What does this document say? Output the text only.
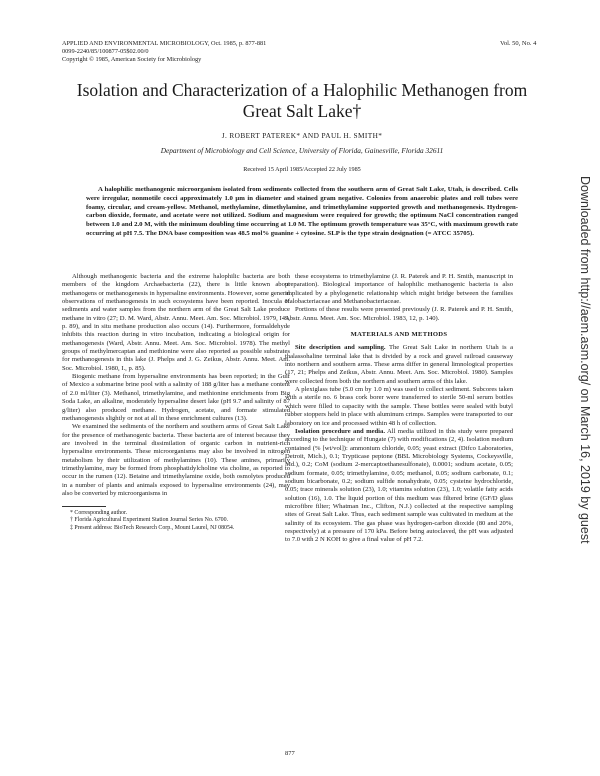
APPLIED AND ENVIRONMENTAL MICROBIOLOGY, Oct. 1985, p. 877-881
0099-2240/85/100877-05$02.00/0
Copyright © 1985, American Society for Microbiology
Vol. 50, No. 4
Isolation and Characterization of a Halophilic Methanogen from Great Salt Lake†
J. ROBERT PATEREK* AND PAUL H. SMITH*
Department of Microbiology and Cell Science, University of Florida, Gainesville, Florida 32611
Received 15 April 1985/Accepted 22 July 1985
A halophilic methanogenic microorganism isolated from sediments collected from the southern arm of Great Salt Lake, Utah, is described. Cells were irregular, nonmotile cocci approximately 1.0 μm in diameter and stained gram negative. Colonies from anaerobic plates and roll tubes were foamy, circular, and cream-yellow. Methanol, methylamine, dimethylamine, and trimethylamine supported growth and methanogenesis. Hydrogen-carbon dioxide, formate, and acetate were not utilized. Sodium and magnesium were required for growth; the optimum NaCl concentration ranged between 1.0 and 2.0 M, with the minimum doubling time occurring at 1.0 M. The optimum growth temperature was 35°C, with maximum growth rate occurring at pH 7.5. The DNA base composition was 48.5 mol% guanine + cytosine. SLP is the type strain designation (= ATCC 35705).

Although methanogenic bacteria and the extreme halophilic bacteria are both members of the kingdom Archaebacteria (22), there is little known about methanogens or methanogenesis in hypersaline environments. However, some general observations of methanogenesis in such ecosystems have been reported. Inocula of sediments and water samples from the northern arm of the Great Salt Lake produce methane in vitro (27; D. M. Ward, Abstr. Annu. Meet. Am. Soc. Microbiol. 1979, I49, p. 89), and in situ methane production also occurs (14). Furthermore, formaldehyde inhibits this reaction during in vitro incubation, indicating a biological origin for methanogenesis (Ward, Abstr. Annu. Meet. Am. Soc. Microbiol. 1978). The methyl groups of methylmercaptan and methionine were also reported as possible substrates for methanogenesis in this lake (J. Phelps and J. G. Zeikus, Abstr. Annu. Meet. Am. Soc. Microbiol. 1980, I., p. 85).

Biogenic methane from hypersaline environments has been reported; in the Gulf of Mexico a submarine brine pool with a salinity of 188 g/liter has a methane content of 2.0 ml/liter (3). Methanol, trimethylamine, and methionine enrichments from Big Soda Lake, an alkaline, moderately hypersaline desert lake (pH 9.7 and salinity of 87 g/liter) also produced methane. Hydrogen, acetate, and formate stimulated methanogenesis slightly or not at all in these enrichment cultures (13).

We examined the sediments of the northern and southern arms of Great Salt Lake for the presence of methanogenic bacteria. These bacteria are of interest because they are involved in the terminal dissimilation of organic carbon in nutrient-rich hypersaline environments. These microorganisms may also be involved in nitrogen metabolism by their utilization of methylamines (10). These amines, primarily trimethylamine, may be formed from phosphatidylcholine via choline, as reported to occur in the rumen (12). Betaine and trimethylamine oxide, both osmolytes produced in a number of plants and animals exposed to hypersaline environments (24), may also be converted by microorganisms in

* Corresponding author.

† Florida Agricultural Experiment Station Journal Series No. 6700.

‡ Present address: BioTech Research Corp., Mount Laurel, NJ 08054.

these ecosystems to trimethylamine (J. R. Paterek and P. H. Smith, manuscript in preparation). Biological importance of halophilic methanogenic bacteria is also implicated by a phylogenetic relationship which might bridge between the families Halobacteriaceae and Methanobacteriaceae.

Portions of these results were presented previously (J. R. Paterek and P. H. Smith, Abstr. Annu. Meet. Am. Soc. Microbiol. 1983, 12, p. 140).

MATERIALS AND METHODS

Site description and sampling. The Great Salt Lake in northern Utah is a thalassohaline terminal lake that is divided by a rock and gravel railroad causeway into northern and southern arms. These arms differ in general limnological properties (17, 21; Phelps and Zeikus, Abstr. Annu. Meet. Am. Soc. Microbiol. 1980). Samples were collected from both the northern and southern arms of this lake.

A plexiglass tube (5.0 cm by 1.0 m) was used to collect sediment. Subcores taken with a sterile no. 6 brass cork borer were transferred to sterile 50-ml serum bottles which were filled to capacity with the sample. These bottles were sealed with butyl rubber stoppers held in place with aluminum crimps. Samples were transported to our laboratory on ice and processed within 48 h of collection.

Isolation procedure and media. All media utilized in this study were prepared according to the technique of Hungate (7) with modifications (2, 4). Isolation medium contained (% [wt/vol]): ammonium chloride, 0.05; yeast extract (Difco Laboratories, Detroit, Mich.), 0.1; Trypticase peptone (BBL Microbiology Systems, Cockeysville, Md.), 0.2; CoM (sodium 2-mercaptoethanesulfonate), 0.0001; sodium acetate, 0.05; sodium formate, 0.05; trimethylamine, 0.05; methanol, 0.05; sodium carbonate, 0.1; sodium bicarbonate, 0.2; sodium sulfide nonahydrate, 0.05; cysteine hydrochloride, 0.05; trace minerals solution (23), 1.0; vitamins solution (23), 1.0; volatile fatty acids solution (16), 1.0. The liquid portion of this medium was filtered brine (GF/D glass microfibre filter; Whatman Inc., Clifton, N.J.) collected at the respective sampling sites of Great Salt Lake. Thus, each sediment sample was cultivated in medium at the salinity of its ecosystem. The gas phase was hydrogen-carbon dioxide (80 and 20%, respectively) at a pressure of 170 kPa. Before being autoclaved, the pH was adjusted to 7.0 with 2 N KOH to give a final value of pH 7.2.

877
Downloaded from http://aem.asm.org/ on March 16, 2019 by guest
